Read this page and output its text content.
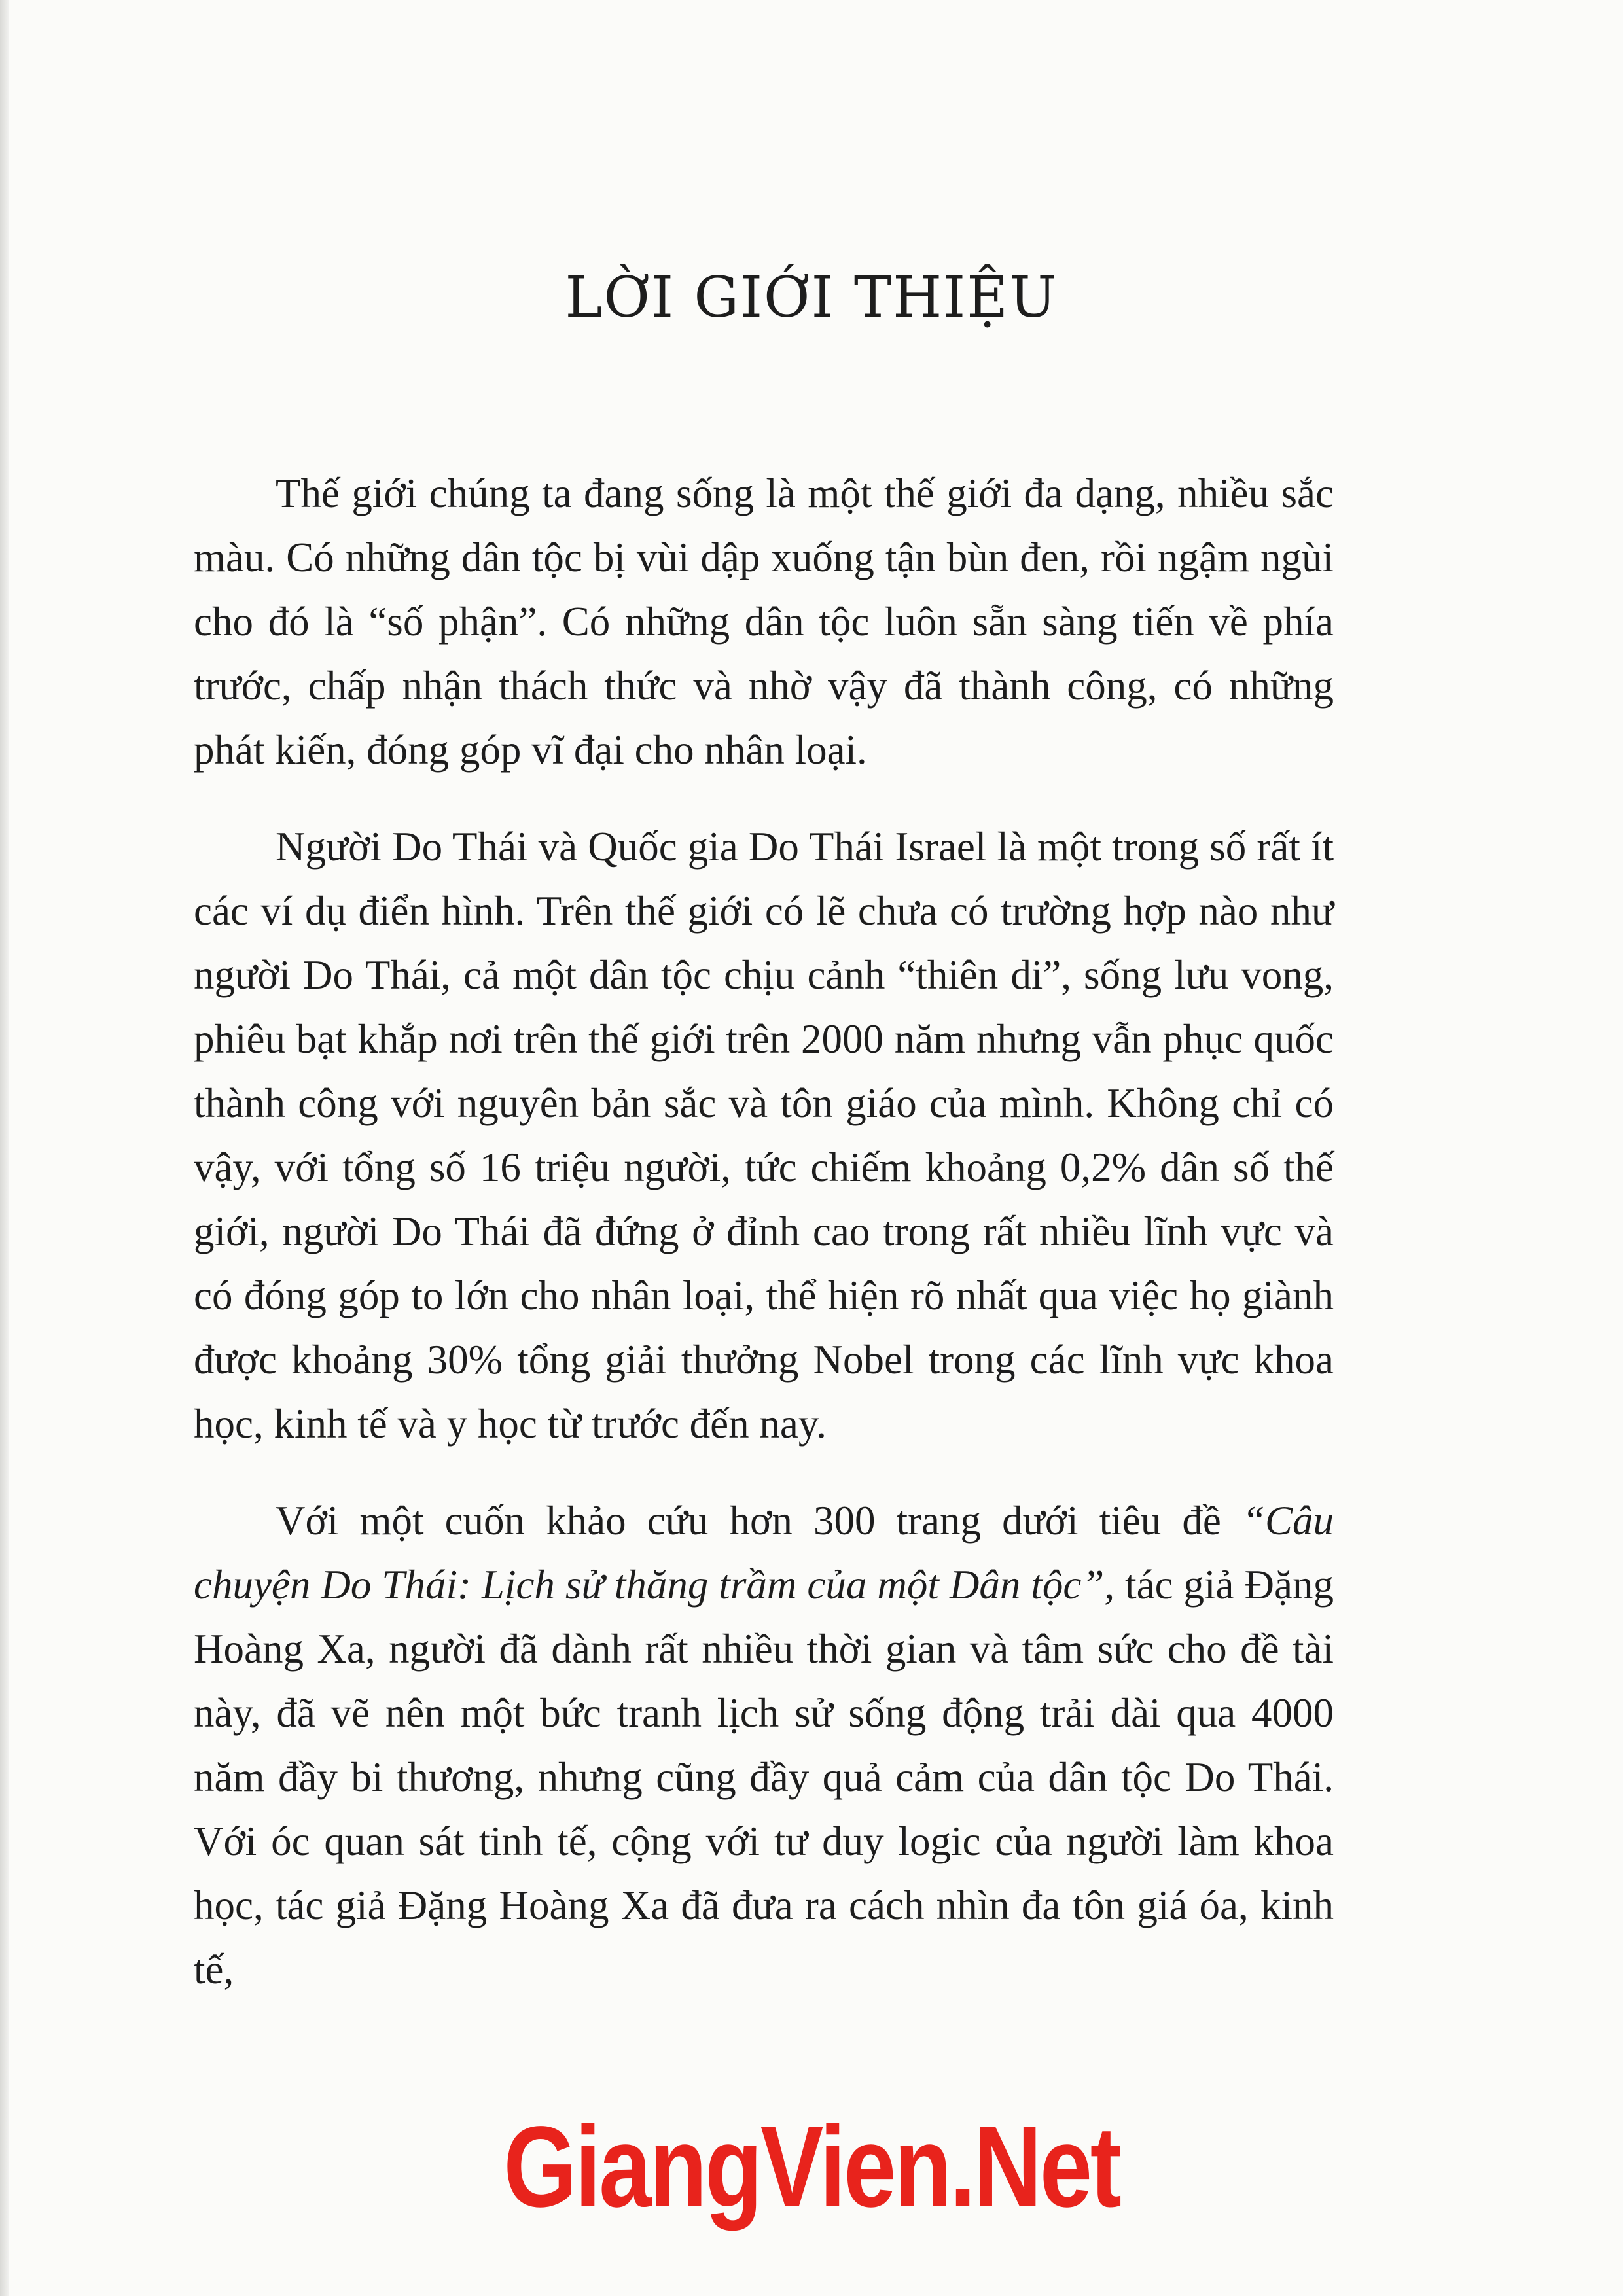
LỜI GIỚI THIỆU

Thế giới chúng ta đang sống là một thế giới đa dạng, nhiều sắc màu. Có những dân tộc bị vùi dập xuống tận bùn đen, rồi ngậm ngùi cho đó là “số phận”. Có những dân tộc luôn sẵn sàng tiến về phía trước, chấp nhận thách thức và nhờ vậy đã thành công, có những phát kiến, đóng góp vĩ đại cho nhân loại.

Người Do Thái và Quốc gia Do Thái Israel là một trong số rất ít các ví dụ điển hình. Trên thế giới có lẽ chưa có trường hợp nào như người Do Thái, cả một dân tộc chịu cảnh “thiên di”, sống lưu vong, phiêu bạt khắp nơi trên thế giới trên 2000 năm nhưng vẫn phục quốc thành công với nguyên bản sắc và tôn giáo của mình. Không chỉ có vậy, với tổng số 16 triệu người, tức chiếm khoảng 0,2% dân số thế giới, người Do Thái đã đứng ở đỉnh cao trong rất nhiều lĩnh vực và có đóng góp to lớn cho nhân loại, thể hiện rõ nhất qua việc họ giành được khoảng 30% tổng giải thưởng Nobel trong các lĩnh vực khoa học, kinh tế và y học từ trước đến nay.

Với một cuốn khảo cứu hơn 300 trang dưới tiêu đề “Câu chuyện Do Thái: Lịch sử thăng trầm của một Dân tộc”, tác giả Đặng Hoàng Xa, người đã dành rất nhiều thời gian và tâm sức cho đề tài này, đã vẽ nên một bức tranh lịch sử sống động trải dài qua 4000 năm đầy bi thương, nhưng cũng đầy quả cảm của dân tộc Do Thái. Với óc quan sát tinh tế, cộng với tư duy logic của người làm khoa học, tác giả Đặng Hoàng Xa đã đưa ra cách nhìn đa tôn giá óa, kinh tế,

GiangVien.Net
